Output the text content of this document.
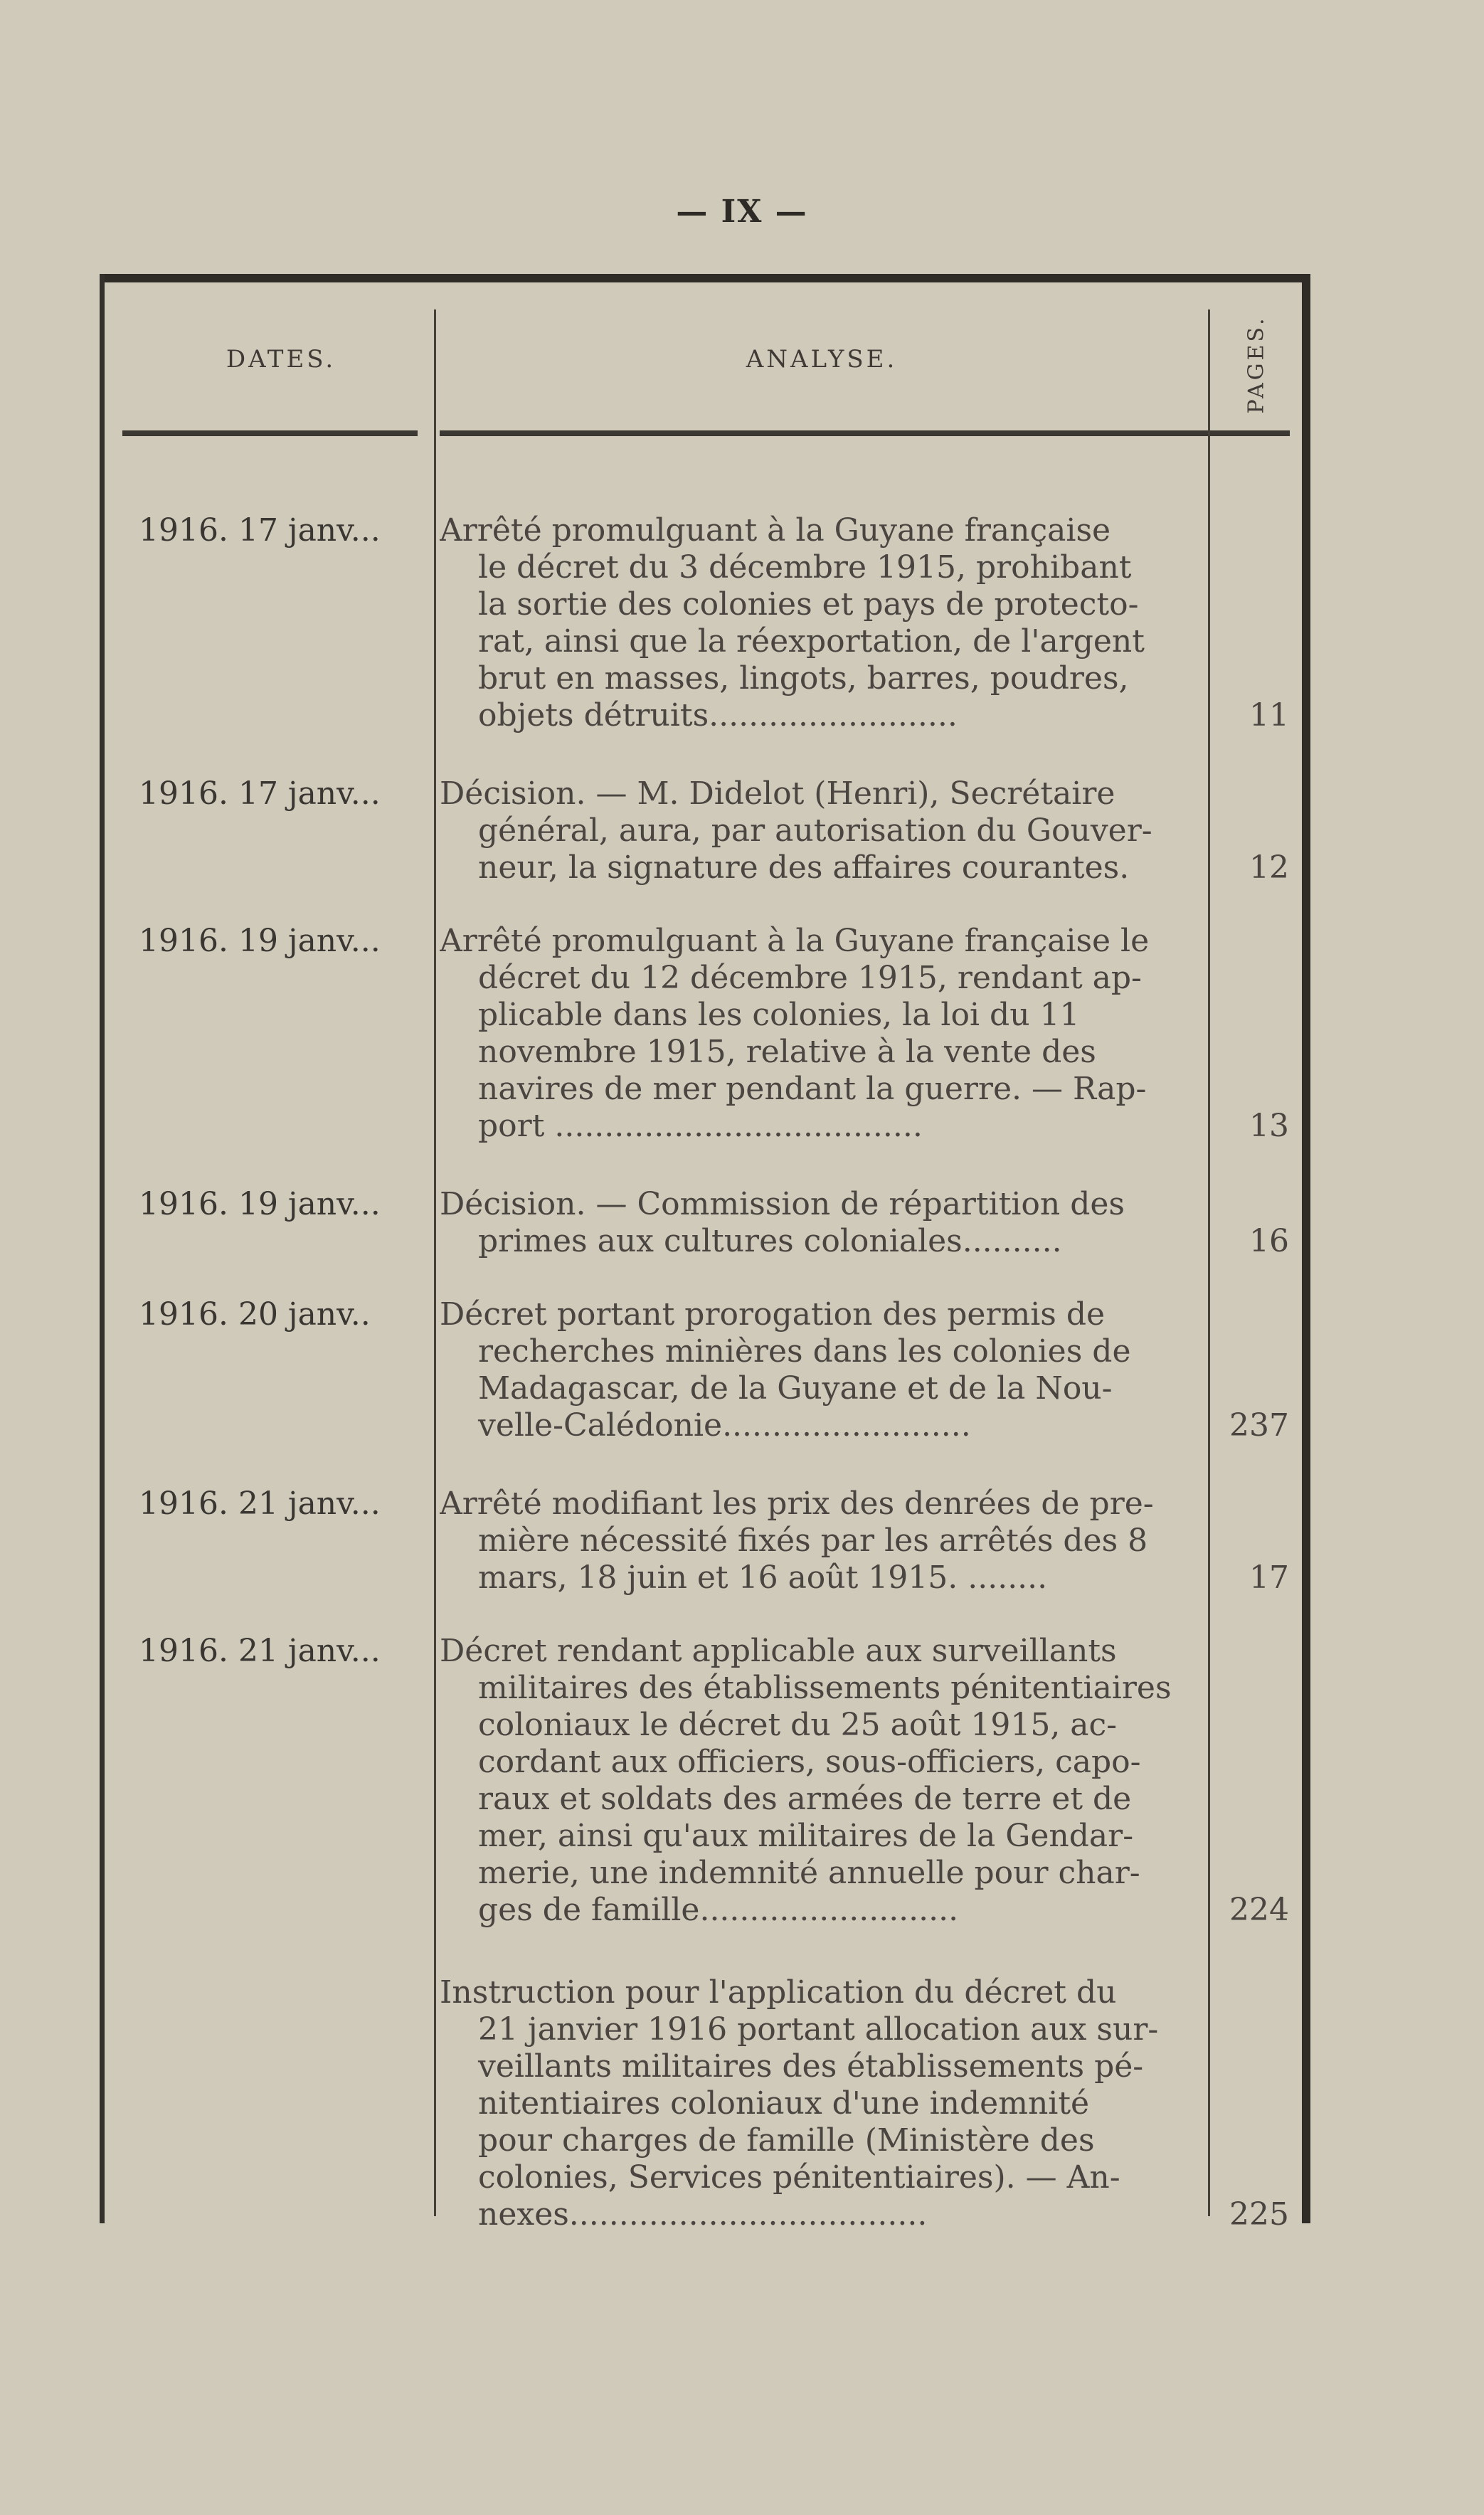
— IX —
DATES.	ANALYSE.	PAGES.
1916. 17 janv... Arrêté promulguant à la Guyane française
le décret du 3 décembre 1915, prohibant
la sortie des colonies et pays de protecto-
rat, ainsi que la réexportation, de l'argent
brut en masses, lingots, barres, poudres,
objets détruits.........................	11
1916. 17 janv... Décision. — M. Didelot (Henri), Secrétaire
général, aura, par autorisation du Gouver-
neur, la signature des affaires courantes.	12
1916. 19 janv... Arrêté promulguant à la Guyane française le
décret du 12 décembre 1915, rendant ap-
plicable dans les colonies, la loi du 11
novembre 1915, relative à la vente des
navires de mer pendant la guerre. — Rap-
port .....................................	13
1916. 19 janv... Décision. — Commission de répartition des
primes aux cultures coloniales..........	16
1916. 20 janv.. Décret portant prorogation des permis de
recherches minières dans les colonies de
Madagascar, de la Guyane et de la Nou-
velle-Calédonie.........................	237
1916. 21 janv... Arrêté modifiant les prix des denrées de pre-
mière nécessité fixés par les arrêtés des 8
mars, 18 juin et 16 août 1915. ........	17
1916. 21 janv... Décret rendant applicable aux surveillants
militaires des établissements pénitentiaires
coloniaux le décret du 25 août 1915, ac-
cordant aux officiers, sous-officiers, capo-
raux et soldats des armées de terre et de
mer, ainsi qu'aux militaires de la Gendar-
merie, une indemnité annuelle pour char-
ges de famille..........................	224
Instruction pour l'application du décret du
21 janvier 1916 portant allocation aux sur-
veillants militaires des établissements pé-
nitentiaires coloniaux d'une indemnité
pour charges de famille (Ministère des
colonies, Services pénitentiaires). — An-
nexes....................................	225
